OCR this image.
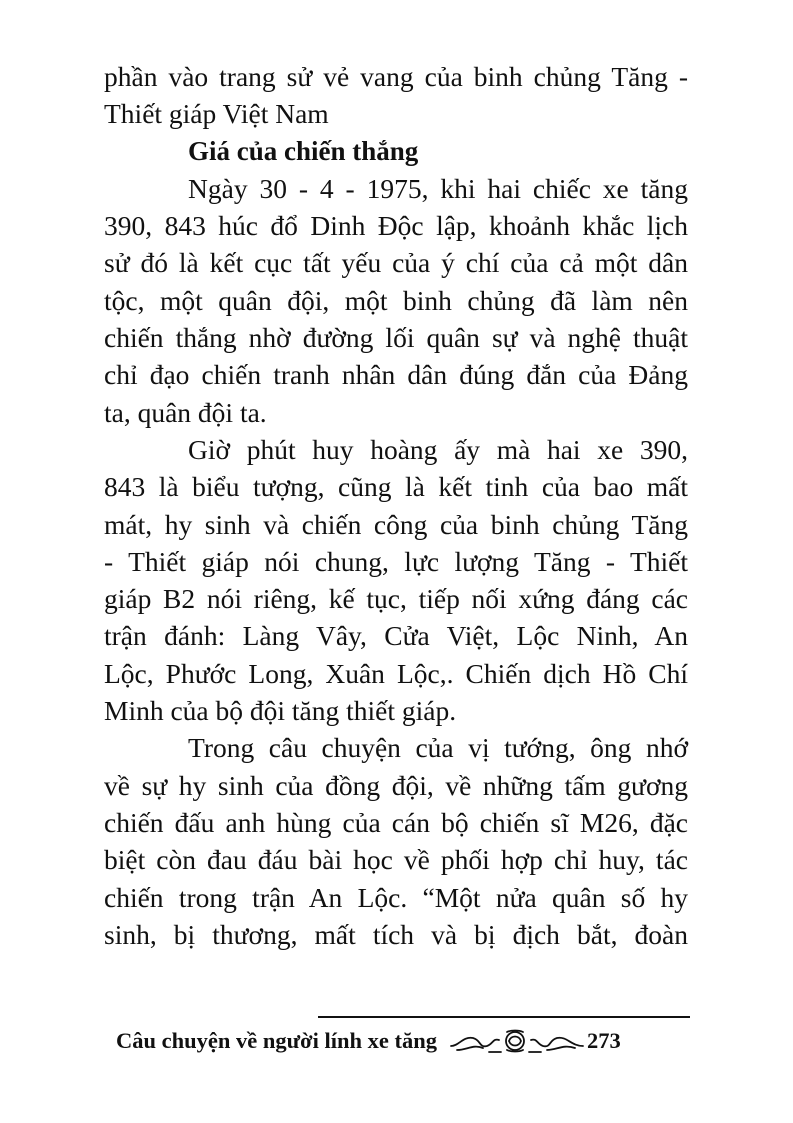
phần vào trang sử vẻ vang của binh chủng Tăng -
Thiết giáp Việt Nam
Giá của chiến thắng
Ngày 30 - 4 - 1975, khi hai chiếc xe tăng
390, 843 húc đổ Dinh Độc lập, khoảnh khắc lịch
sử đó là kết cục tất yếu của ý chí của cả một dân
tộc, một quân đội, một binh chủng đã làm nên
chiến thắng nhờ đường lối quân sự và nghệ thuật
chỉ đạo chiến tranh nhân dân đúng đắn của Đảng
ta, quân đội ta.
Giờ phút huy hoàng ấy mà hai xe 390,
843 là biểu tượng, cũng là kết tinh của bao mất
mát, hy sinh và chiến công của binh chủng Tăng
- Thiết giáp nói chung, lực lượng Tăng - Thiết
giáp B2 nói riêng, kế tục, tiếp nối xứng đáng các
trận đánh: Làng Vây, Cửa Việt, Lộc Ninh, An
Lộc, Phước Long, Xuân Lộc,. Chiến dịch Hồ Chí
Minh của bộ đội tăng thiết giáp.
Trong câu chuyện của vị tướng, ông nhớ
về sự hy sinh của đồng đội, về những tấm gương
chiến đấu anh hùng của cán bộ chiến sĩ M26, đặc
biệt còn đau đáu bài học về phối hợp chỉ huy, tác
chiến trong trận An Lộc. “Một nửa quân số hy
sinh, bị thương, mất tích và bị địch bắt, đoàn
Câu chuyện về người lính xe tăng	273
